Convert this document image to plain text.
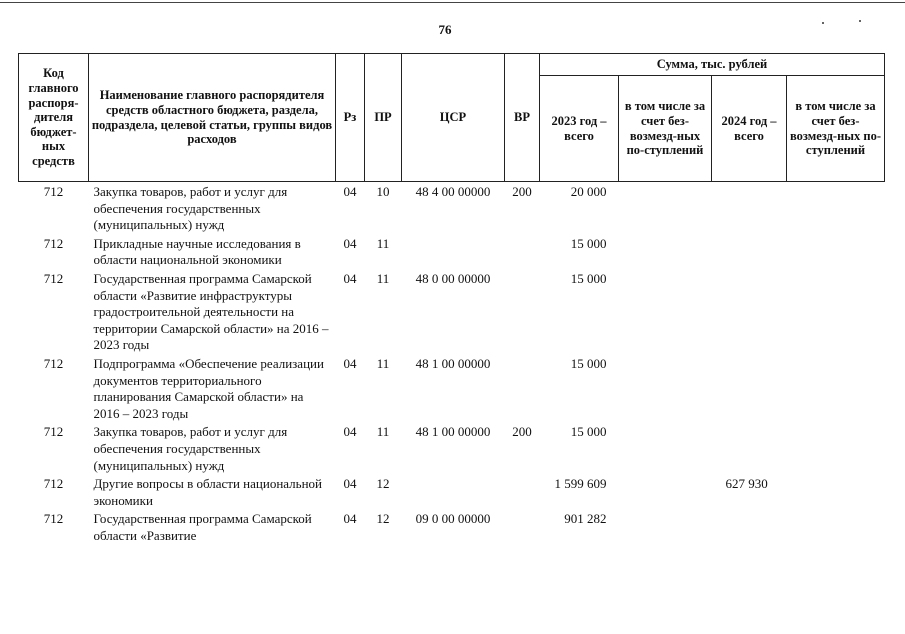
76
Код главного распоря-дителя бюджет-ных средств	Наименование главного распорядителя средств областного бюджета, раздела, подраздела, целевой статьи, группы видов расходов	Рз	ПР	ЦСР	ВР	Сумма, тыс. рублей			
						2023 год – всего	в том числе за счет без-возмезд-ных по-ступлений	2024 год – всего	в том числе за счет без-возмезд-ных по-ступлений
712	Закупка товаров, работ и услуг для обеспечения государственных (муниципальных) нужд	04	10	48 4 00 00000	200	20 000			
712	Прикладные научные исследования в области национальной экономики	04	11			15 000			
712	Государственная программа Самарской области «Развитие инфраструктуры градостроительной деятельности на территории Самарской области» на 2016 – 2023 годы	04	11	48 0 00 00000		15 000			
712	Подпрограмма «Обеспечение реализации документов территориального планирования Самарской области» на 2016 – 2023 годы	04	11	48 1 00 00000		15 000			
712	Закупка товаров, работ и услуг для обеспечения государственных (муниципальных) нужд	04	11	48 1 00 00000	200	15 000			
712	Другие вопросы в области национальной экономики	04	12			1 599 609		627 930	
712	Государственная программа Самарской области «Развитие	04	12	09 0 00 00000		901 282			
